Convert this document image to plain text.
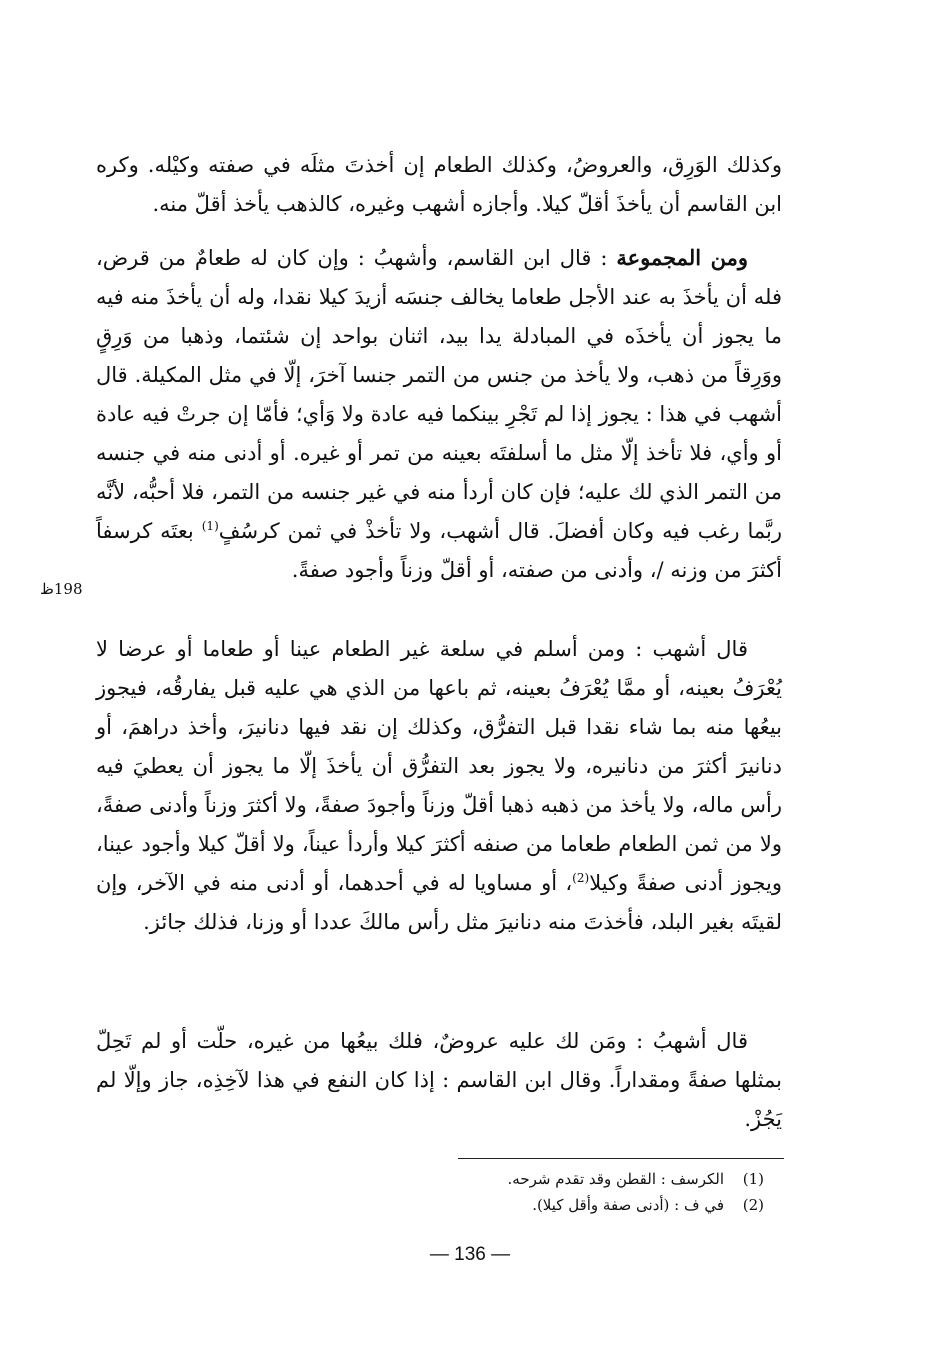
198ظ

وكذلك الوَرِق، والعروضُ، وكذلك الطعام إن أخذتَ مثلَه في صفته وكيْله. وكره ابن القاسم أن يأخذَ أقلّ كيلا. وأجازه أشهب وغيره، كالذهب يأخذ أقلّ منه.

ومن المجموعة : قال ابن القاسم، وأشهبُ : وإن كان له طعامٌ من قرض، فله أن يأخذَ به عند الأجل طعاما يخالف جنسَه أزيدَ كيلا نقدا، وله أن يأخذَ منه فيه ما يجوز أن يأخذَه في المبادلة يدا بيد، اثنان بواحد إن شئتما، وذهبا من وَرِقٍ ووَرِقاً من ذهب، ولا يأخذ من جنس من التمر جنسا آخرَ، إلّا في مثل المكيلة. قال أشهب في هذا : يجوز إذا لم تَجْرِ بينكما فيه عادة ولا وَأي؛ فأمّا إن جرتْ فيه عادة أو وأي، فلا تأخذ إلّا مثل ما أسلفتَه بعينه من تمر أو غيره. أو أدنى منه في جنسه من التمر الذي لك عليه؛ فإن كان أردأ منه في غير جنسه من التمر، فلا أحبُّه، لأنَّه ربَّما رغب فيه وكان أفضلَ. قال أشهب، ولا تأخذْ في ثمن كرسُفٍ$^{(1)}$ بعتَه كرسفاً أكثرَ من وزنه /، وأدنى من صفته، أو أقلّ وزناً وأجود صفةً.

قال أشهب : ومن أسلم في سلعة غير الطعام عينا أو طعاما أو عرضا لا يُعْرَفُ بعينه، أو ممَّا يُعْرَفُ بعينه، ثم باعها من الذي هي عليه قبل يفارقُه، فيجوز بيعُها منه بما شاء نقدا قبل التفرُّق، وكذلك إن نقد فيها دنانيرَ، وأخذ دراهمَ، أو دنانيرَ أكثرَ من دنانيره، ولا يجوز بعد التفرُّق أن يأخذَ إلّا ما يجوز أن يعطيَ فيه رأس ماله، ولا يأخذ من ذهبه ذهبا أقلّ وزناً وأجودَ صفةً، ولا أكثرَ وزناً وأدنى صفةً، ولا من ثمن الطعام طعاما من صنفه أكثرَ كيلا وأردأ عيناً، ولا أقلّ كيلا وأجود عينا، ويجوز أدنى صفةً وكيلا$^{(2)}$، أو مساويا له في أحدهما، أو أدنى منه في الآخر، وإن لقيتَه بغير البلد، فأخذتَ منه دنانيرَ مثل رأس مالكَ عددا أو وزنا، فذلك جائز.

قال أشهبُ : ومَن لك عليه عروضٌ، فلك بيعُها من غيره، حلّت أو لم تَحِلّ بمثلها صفةً ومقداراً. وقال ابن القاسم : إذا كان النفع في هذا لآخِذِه، جاز وإلّا لم يَجُزْ.

(1)
الكرسف : القطن وقد تقدم شرحه.
(2)
في ف : (أدنى صفة وأقل كيلا).
— 136 —
